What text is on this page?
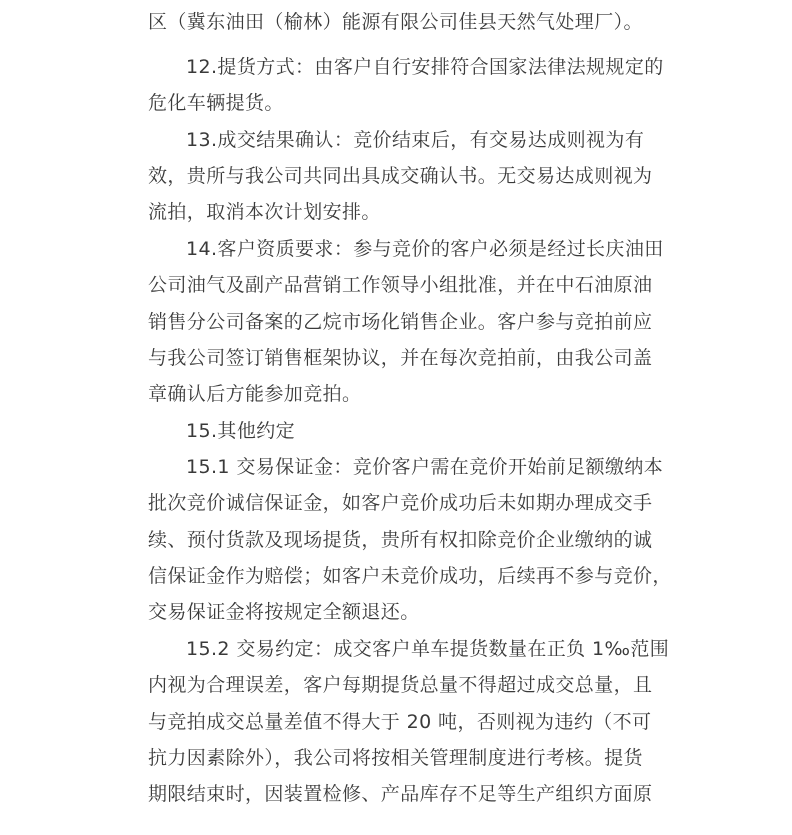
区（冀东油田（榆林）能源有限公司佳县天然气处理厂）。
12.提货方式：由客户自行安排符合国家法律法规规定的
危化车辆提货。
13.成交结果确认：竞价结束后，有交易达成则视为有
效，贵所与我公司共同出具成交确认书。无交易达成则视为
流拍，取消本次计划安排。
14.客户资质要求：参与竞价的客户必须是经过长庆油田
公司油气及副产品营销工作领导小组批准，并在中石油原油
销售分公司备案的乙烷市场化销售企业。客户参与竞拍前应
与我公司签订销售框架协议，并在每次竞拍前，由我公司盖
章确认后方能参加竞拍。
15.其他约定
15.1 交易保证金：竞价客户需在竞价开始前足额缴纳本
批次竞价诚信保证金，如客户竞价成功后未如期办理成交手
续、预付货款及现场提货，贵所有权扣除竞价企业缴纳的诚
信保证金作为赔偿；如客户未竞价成功，后续再不参与竞价，
交易保证金将按规定全额退还。
15.2 交易约定：成交客户单车提货数量在正负 1‰范围
内视为合理误差，客户每期提货总量不得超过成交总量，且
与竞拍成交总量差值不得大于 20 吨，否则视为违约（不可
抗力因素除外），我公司将按相关管理制度进行考核。提货
期限结束时，因装置检修、产品库存不足等生产组织方面原
